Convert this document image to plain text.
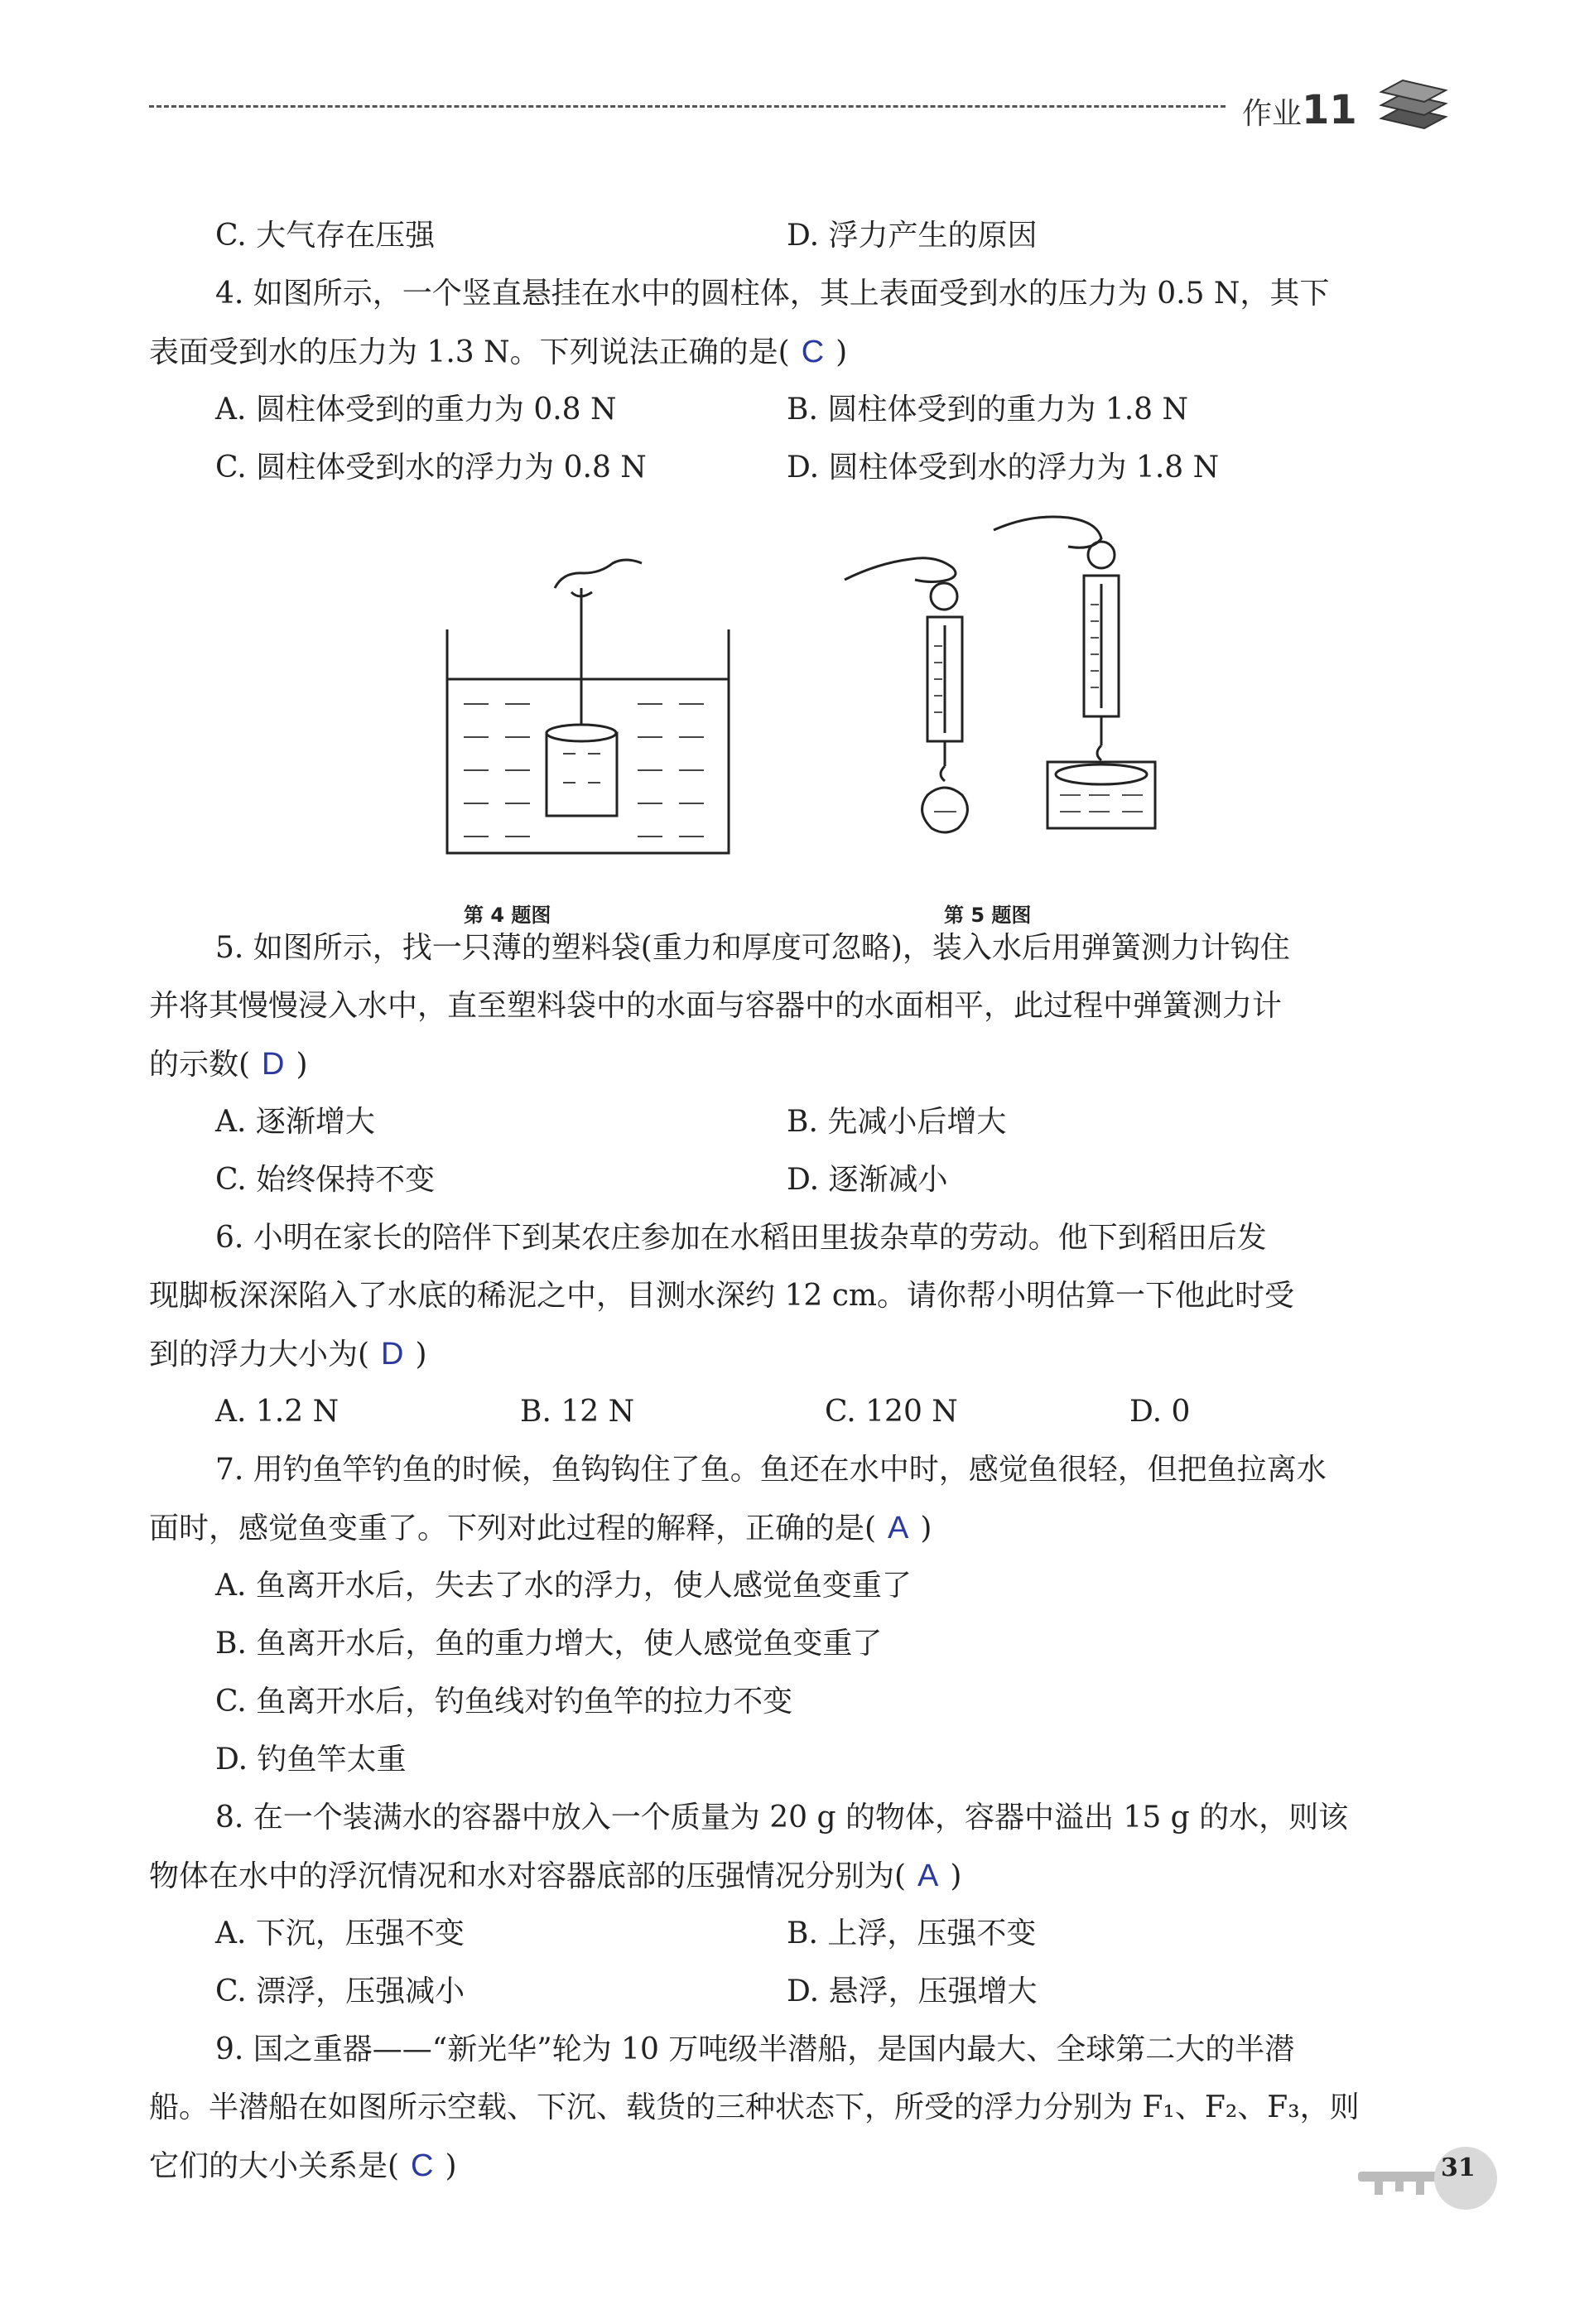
作业11
C. 大气存在压强	D. 浮力产生的原因
4. 如图所示，一个竖直悬挂在水中的圆柱体，其上表面受到水的压力为 0.5 N，其下
表面受到水的压力为 1.3 N。下列说法正确的是( C )
A. 圆柱体受到的重力为 0.8 N	B. 圆柱体受到的重力为 1.8 N
C. 圆柱体受到水的浮力为 0.8 N	D. 圆柱体受到水的浮力为 1.8 N
第 4 题图	第 5 题图
5. 如图所示，找一只薄的塑料袋(重力和厚度可忽略)，装入水后用弹簧测力计钩住
并将其慢慢浸入水中，直至塑料袋中的水面与容器中的水面相平，此过程中弹簧测力计
的示数( D )
A. 逐渐增大	B. 先减小后增大
C. 始终保持不变	D. 逐渐减小
6. 小明在家长的陪伴下到某农庄参加在水稻田里拔杂草的劳动。他下到稻田后发
现脚板深深陷入了水底的稀泥之中，目测水深约 12 cm。请你帮小明估算一下他此时受
到的浮力大小为( D )
A. 1.2 N	B. 12 N	C. 120 N	D. 0
7. 用钓鱼竿钓鱼的时候，鱼钩钩住了鱼。鱼还在水中时，感觉鱼很轻，但把鱼拉离水
面时，感觉鱼变重了。下列对此过程的解释，正确的是( A )
A. 鱼离开水后，失去了水的浮力，使人感觉鱼变重了
B. 鱼离开水后，鱼的重力增大，使人感觉鱼变重了
C. 鱼离开水后，钓鱼线对钓鱼竿的拉力不变
D. 钓鱼竿太重
8. 在一个装满水的容器中放入一个质量为 20 g 的物体，容器中溢出 15 g 的水，则该
物体在水中的浮沉情况和水对容器底部的压强情况分别为( A )
A. 下沉，压强不变	B. 上浮，压强不变
C. 漂浮，压强减小	D. 悬浮，压强增大
9. 国之重器——“新光华”轮为 10 万吨级半潜船，是国内最大、全球第二大的半潜
船。半潜船在如图所示空载、下沉、载货的三种状态下，所受的浮力分别为 F₁、F₂、F₃，则
它们的大小关系是( C )	31
